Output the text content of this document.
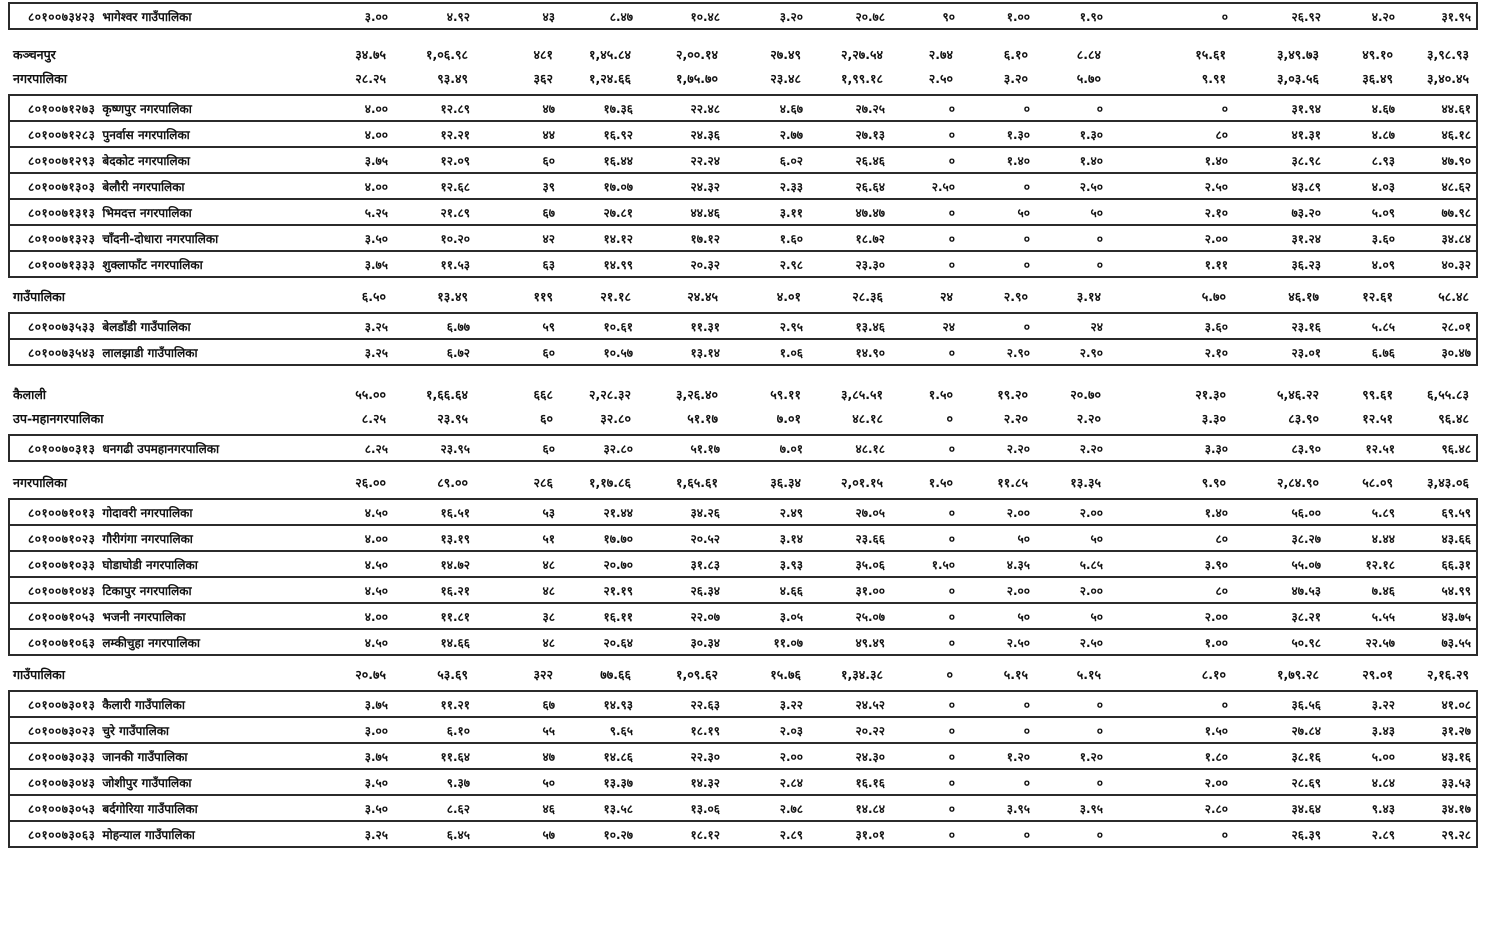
८०१००७३४२३ भागेश्वर गाउँपालिका	३.००	४.९२	४३	८.४७	१०.४८	३.२०	२०.७८	९०	१.००	१.९०	०	२६.९२	४.२०	३१.९५
कञ्चनपुर	३४.७५	१,०६.९८	४८१	१,४५.८४	२,००.१४	२७.४९	२,२७.५४	२.७४	६.१०	८.८४	१५.६१	३,४९.७३	४९.१०	३,९८.९३
नगरपालिका	२८.२५	९३.४९	३६२	१,२४.६६	१,७५.७०	२३.४८	१,९९.१८	२.५०	३.२०	५.७०	९.९१	३,०३.५६	३६.४९	३,४०.४५
८०१००७१२७३ कृष्णपुर नगरपालिका	४.००	१२.८९	४७	१७.३६	२२.४८	४.६७	२७.२५	०	०	०	०	३१.९४	४.६७	४४.६१
८०१००७१२८३ पुनर्वास नगरपालिका	४.००	१२.२१	४४	१६.९२	२४.३६	२.७७	२७.१३	०	१.३०	१.३०	८०	४१.३१	४.८७	४६.१८
८०१००७१२९३ बेदकोट नगरपालिका	३.७५	१२.०९	६०	१६.४४	२२.२४	६.०२	२६.४६	०	१.४०	१.४०	१.४०	३८.९८	८.९३	४७.९०
८०१००७१३०३ बेलौरी नगरपालिका	४.००	१२.६८	३९	१७.०७	२४.३२	२.३३	२६.६४	२.५०	०	२.५०	२.५०	४३.८९	४.०३	४८.६२
८०१००७१३१३ भिमदत्त नगरपालिका	५.२५	२१.८९	६७	२७.८१	४४.४६	३.११	४७.४७	०	५०	५०	२.१०	७३.२०	५.०९	७७.९८
८०१००७१३२३ चाँदनी-दोधारा नगरपालिका	३.५०	१०.२०	४२	१४.१२	१७.१२	१.६०	१८.७२	०	०	०	२.००	३१.२४	३.६०	३४.८४
८०१००७१३३३ शुक्लाफाँट नगरपालिका	३.७५	११.५३	६३	१४.९९	२०.३२	२.९८	२३.३०	०	०	०	१.११	३६.२३	४.०९	४०.३२
गाउँपालिका	६.५०	१३.४९	११९	२१.१८	२४.४५	४.०१	२८.३६	२४	२.९०	३.१४	५.७०	४६.१७	१२.६१	५८.४८
८०१००७३५३३ बेलडाँडी गाउँपालिका	३.२५	६.७७	५९	१०.६१	११.३१	२.९५	१३.४६	२४	०	२४	३.६०	२३.१६	५.८५	२८.०१
८०१००७३५४३ लालझाडी गाउँपालिका	३.२५	६.७२	६०	१०.५७	१३.१४	१.०६	१४.९०	०	२.९०	२.९०	२.१०	२३.०१	६.७६	३०.४७
कैलाली	५५.००	१,६६.६४	६६८	२,२८.३२	३,२६.४०	५९.११	३,८५.५१	१.५०	१९.२०	२०.७०	२१.३०	५,४६.२२	९९.६१	६,५५.८३
उप-महानगरपालिका	८.२५	२३.९५	६०	३२.८०	५१.१७	७.०१	४८.१८	०	२.२०	२.२०	३.३०	८३.९०	१२.५१	९६.४८
८०१००७०३१३ धनगढी उपमहानगरपालिका	८.२५	२३.९५	६०	३२.८०	५१.१७	७.०१	४८.१८	०	२.२०	२.२०	३.३०	८३.९०	१२.५१	९६.४८
नगरपालिका	२६.००	८९.००	२८६	१,१७.८६	१,६५.६१	३६.३४	२,०१.१५	१.५०	११.८५	१३.३५	९.९०	२,८४.९०	५८.०९	३,४३.०६
८०१००७१०१३ गोदावरी नगरपालिका	४.५०	१६.५१	५३	२१.४४	३४.२६	२.४९	२७.०५	०	२.००	२.००	१.४०	५६.००	५.८९	६९.५९
८०१००७१०२३ गौरीगंगा नगरपालिका	४.००	१३.१९	५१	१७.७०	२०.५२	३.१४	२३.६६	०	५०	५०	८०	३८.२७	४.४४	४३.६६
८०१००७१०३३ घोडाघोडी नगरपालिका	४.५०	१४.७२	४८	२०.७०	३१.८३	३.९३	३५.०६	१.५०	४.३५	५.८५	३.९०	५५.०७	१२.१८	६६.३१
८०१००७१०४३ टिकापुर नगरपालिका	४.५०	१६.२१	४८	२१.१९	२६.३४	४.६६	३१.००	०	२.००	२.००	८०	४७.५३	७.४६	५४.९९
८०१००७१०५३ भजनी नगरपालिका	४.००	११.८१	३८	१६.११	२२.०७	३.०५	२५.०७	०	५०	५०	२.००	३८.२१	५.५५	४३.७५
८०१००७१०६३ लम्कीचुहा नगरपालिका	४.५०	१४.६६	४८	२०.६४	३०.३४	११.०७	४९.४९	०	२.५०	२.५०	१.००	५०.९८	२२.५७	७३.५५
गाउँपालिका	२०.७५	५३.६९	३२२	७७.६६	१,०९.६२	१५.७६	१,३४.३८	०	५.१५	५.१५	८.१०	१,७९.२८	२९.०१	२,१६.२९
८०१००७३०१३ कैलारी गाउँपालिका	३.७५	११.२१	६७	१४.९३	२२.६३	३.२२	२४.५२	०	०	०	०	३६.५६	३.२२	४१.०८
८०१००७३०२३ चुरे गाउँपालिका	३.००	६.१०	५५	९.६५	१८.१९	२.०३	२०.२२	०	०	०	१.५०	२७.८४	३.४३	३१.२७
८०१००७३०३३ जानकी गाउँपालिका	३.७५	११.६४	४७	१४.८६	२२.३०	२.००	२४.३०	०	१.२०	१.२०	१.८०	३८.१६	५.००	४३.१६
८०१००७३०४३ जोशीपुर गाउँपालिका	३.५०	९.३७	५०	१३.३७	१४.३२	२.८४	१६.१६	०	०	०	२.००	२८.६९	४.८४	३३.५३
८०१००७३०५३ बर्दगोरिया गाउँपालिका	३.५०	८.६२	४६	१३.५८	१३.०६	२.७८	१४.८४	०	३.९५	३.९५	२.८०	३४.६४	९.४३	३४.१७
८०१००७३०६३ मोहन्याल गाउँपालिका	३.२५	६.४५	५७	१०.२७	१८.१२	२.८९	३१.०१	०	०	०	०	२६.३९	२.८९	२९.२८
